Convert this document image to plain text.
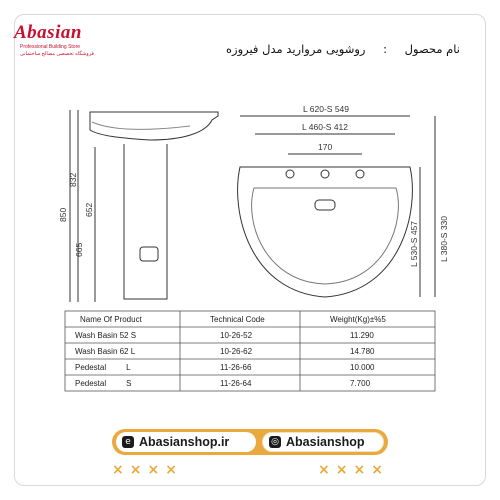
Abasian
Professional Building Store
فروشگاه تخصصی مصالح ساختمانی	نام محصول : روشویی مروارید مدل فیروزه
850
832
652
665
L 620-S 549
L 460-S 412
170
L 530-S 457 L 380-S 330
Name Of Product	Technical Code	Weight(Kg)±%5
Wash Basin 52 S	10-26-52	11.290
Wash Basin 62 L	10-26-62	14.780
Pedestal         L	11-26-66	10.000
Pedestal         S	11-26-64	7.700
e Abasianshop.ir	◎ Abasianshop
××××	××××
